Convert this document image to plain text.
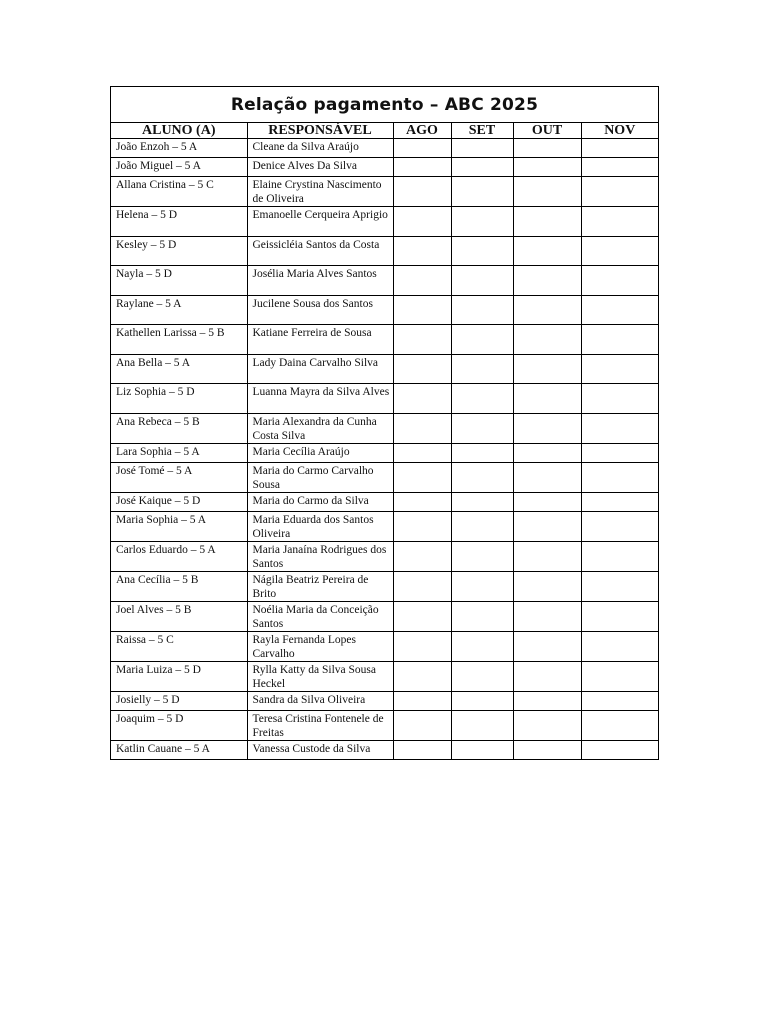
Relação pagamento – ABC 2025
ALUNO (A)	RESPONSÁVEL	AGO	SET	OUT	NOV
João Enzoh – 5 A	Cleane da Silva Araújo				
João Miguel – 5 A	Denice Alves Da Silva				
Allana Cristina – 5 C	Elaine Crystina Nascimento de Oliveira				
Helena – 5 D	Emanoelle Cerqueira Aprigio				
Kesley – 5 D	Geissicléia Santos da Costa				
Nayla – 5 D	Josélia Maria Alves Santos				
Raylane – 5 A	Jucilene Sousa dos Santos				
Kathellen Larissa – 5 B	Katiane Ferreira de Sousa				
Ana Bella – 5 A	Lady Daina Carvalho Silva				
Liz Sophia – 5 D	Luanna Mayra da Silva Alves				
Ana Rebeca – 5 B	Maria Alexandra da Cunha Costa Silva				
Lara Sophia – 5 A	Maria Cecília Araújo				
José Tomé – 5 A	Maria do Carmo Carvalho Sousa				
José Kaique – 5 D	Maria do Carmo da Silva				
Maria Sophia – 5 A	Maria Eduarda dos Santos Oliveira				
Carlos Eduardo – 5 A	Maria Janaína Rodrigues dos Santos				
Ana Cecília – 5 B	Nágila Beatriz Pereira de Brito				
Joel Alves – 5 B	Noélia Maria da Conceição Santos				
Raissa – 5 C	Rayla Fernanda Lopes Carvalho				
Maria Luiza – 5 D	Rylla Katty da Silva Sousa Heckel				
Josielly – 5 D	Sandra da Silva Oliveira				
Joaquim – 5 D	Teresa Cristina Fontenele de Freitas				
Katlin Cauane – 5 A	Vanessa Custode da Silva				
